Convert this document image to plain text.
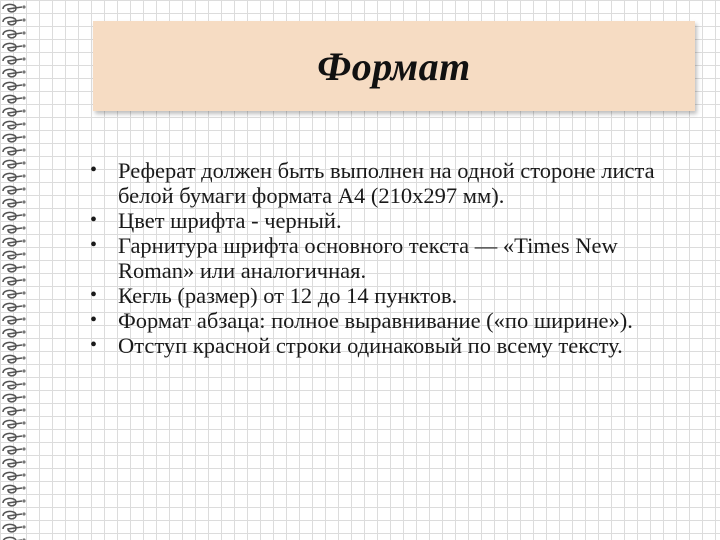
Формат
• Реферат должен быть выполнен на одной стороне листа белой бумаги формата А4 (210х297 мм).
• Цвет шрифта - черный.
• Гарнитура шрифта основного текста — «Times New Roman» или аналогичная.
• Кегль (размер) от 12 до 14 пунктов.
• Формат абзаца: полное выравнивание («по ширине»).
• Отступ красной строки одинаковый по всему тексту.
